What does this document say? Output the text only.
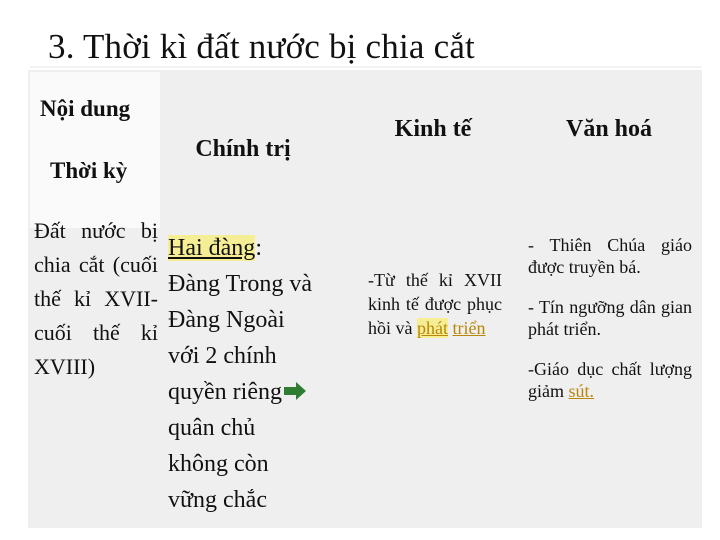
3. Thời kì đất nước bị chia cắt
Nội dung
Thời kỳ
Chính trị
Kinh tế	Văn hoá
Đất nước bị chia cắt (cuối thế kỉ XVII-cuối thế kỉ XVIII)
Hai đàng:
Đàng Trong và
Đàng Ngoài
với 2 chính
quyền riêng
quân chủ
không còn
vững chắc
-Từ thế kỉ XVII kinh tế được phục hồi và phát triển

- Thiên Chúa giáo được truyền bá.

- Tín ngưỡng dân gian phát triển.

-Giáo dục chất lượng giảm sút.
